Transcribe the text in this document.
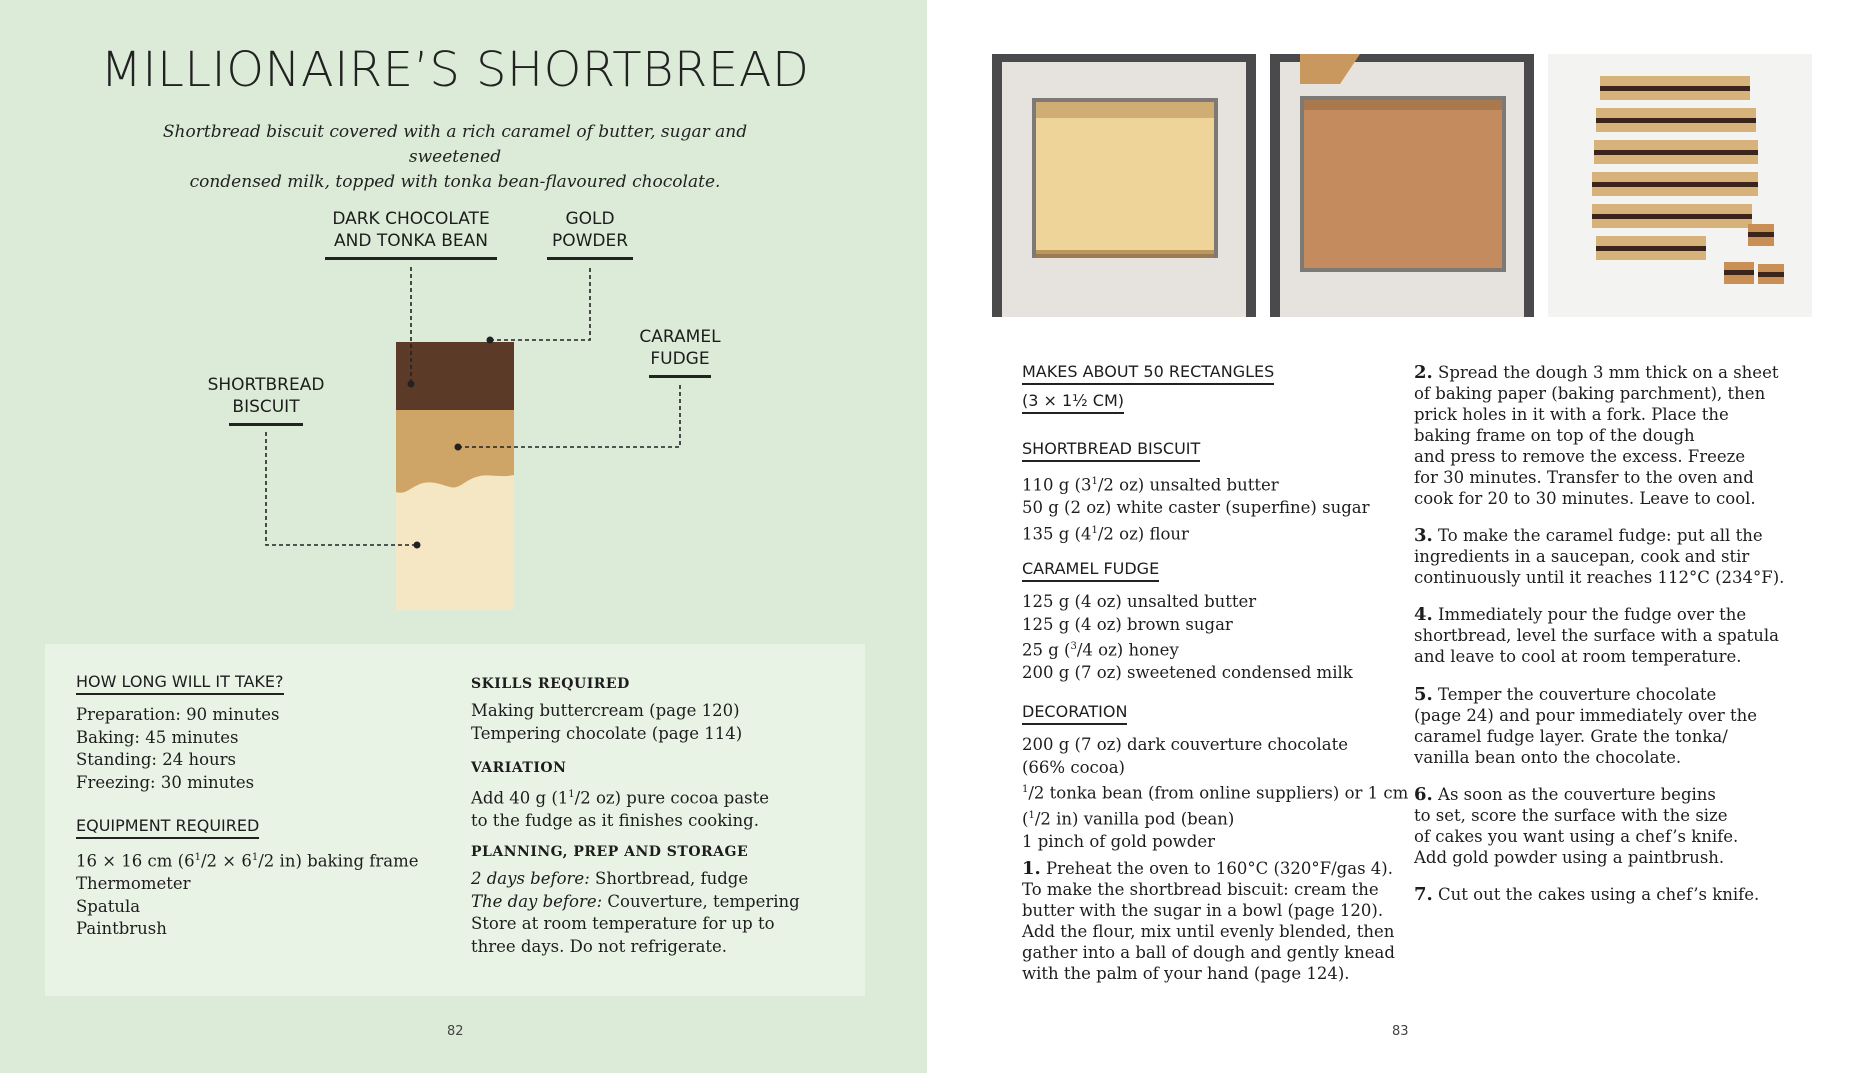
MILLIONAIRE’S SHORTBREAD
Shortbread biscuit covered with a rich caramel of butter, sugar and sweetened
condensed milk, topped with tonka bean-flavoured chocolate.
DARK CHOCOLATE
AND TONKA BEAN
GOLD
POWDER
CARAMEL
FUDGE
SHORTBREAD
BISCUIT
HOW LONG WILL IT TAKE?
Preparation: 90 minutes
Baking: 45 minutes
Standing: 24 hours
Freezing: 30 minutes
EQUIPMENT REQUIRED
16 × 16 cm ($6^1/2 \times 6^1/2$ in) baking frame
Thermometer
Spatula
Paintbrush
SKILLS REQUIRED
Making buttercream (page 120)
Tempering chocolate (page 114)
VARIATION
Add 40 g ($1^1/2$ oz) pure cocoa paste
to the fudge as it finishes cooking.
PLANNING, PREP AND STORAGE
2 days before: Shortbread, fudge
The day before: Couverture, tempering
Store at room temperature for up to
three days. Do not refrigerate.
82
MAKES ABOUT 50 RECTANGLES
(3 × 1½ CM)
SHORTBREAD BISCUIT
110 g ($3^1/2$ oz) unsalted butter
50 g (2 oz) white caster (superfine) sugar
135 g ($4^1/2$ oz) flour
CARAMEL FUDGE
125 g (4 oz) unsalted butter
125 g (4 oz) brown sugar
25 g ($^3$/4 oz) honey
200 g (7 oz) sweetened condensed milk
DECORATION
200 g (7 oz) dark couverture chocolate
(66% cocoa)
$^1$/2 tonka bean (from online suppliers) or 1 cm
($^1$/2 in) vanilla pod (bean)
1 pinch of gold powder
1. Preheat the oven to 160°C (320°F/gas 4).
To make the shortbread biscuit: cream the
butter with the sugar in a bowl (page 120).
Add the flour, mix until evenly blended, then
gather into a ball of dough and gently knead
with the palm of your hand (page 124).
2. Spread the dough 3 mm thick on a sheet
of baking paper (baking parchment), then
prick holes in it with a fork. Place the
baking frame on top of the dough
and press to remove the excess. Freeze
for 30 minutes. Transfer to the oven and
cook for 20 to 30 minutes. Leave to cool.
3. To make the caramel fudge: put all the
ingredients in a saucepan, cook and stir
continuously until it reaches 112°C (234°F).
4. Immediately pour the fudge over the
shortbread, level the surface with a spatula
and leave to cool at room temperature.
5. Temper the couverture chocolate
(page 24) and pour immediately over the
caramel fudge layer. Grate the tonka/
vanilla bean onto the chocolate.
6. As soon as the couverture begins
to set, score the surface with the size
of cakes you want using a chef’s knife.
Add gold powder using a paintbrush.
7. Cut out the cakes using a chef’s knife.
83
